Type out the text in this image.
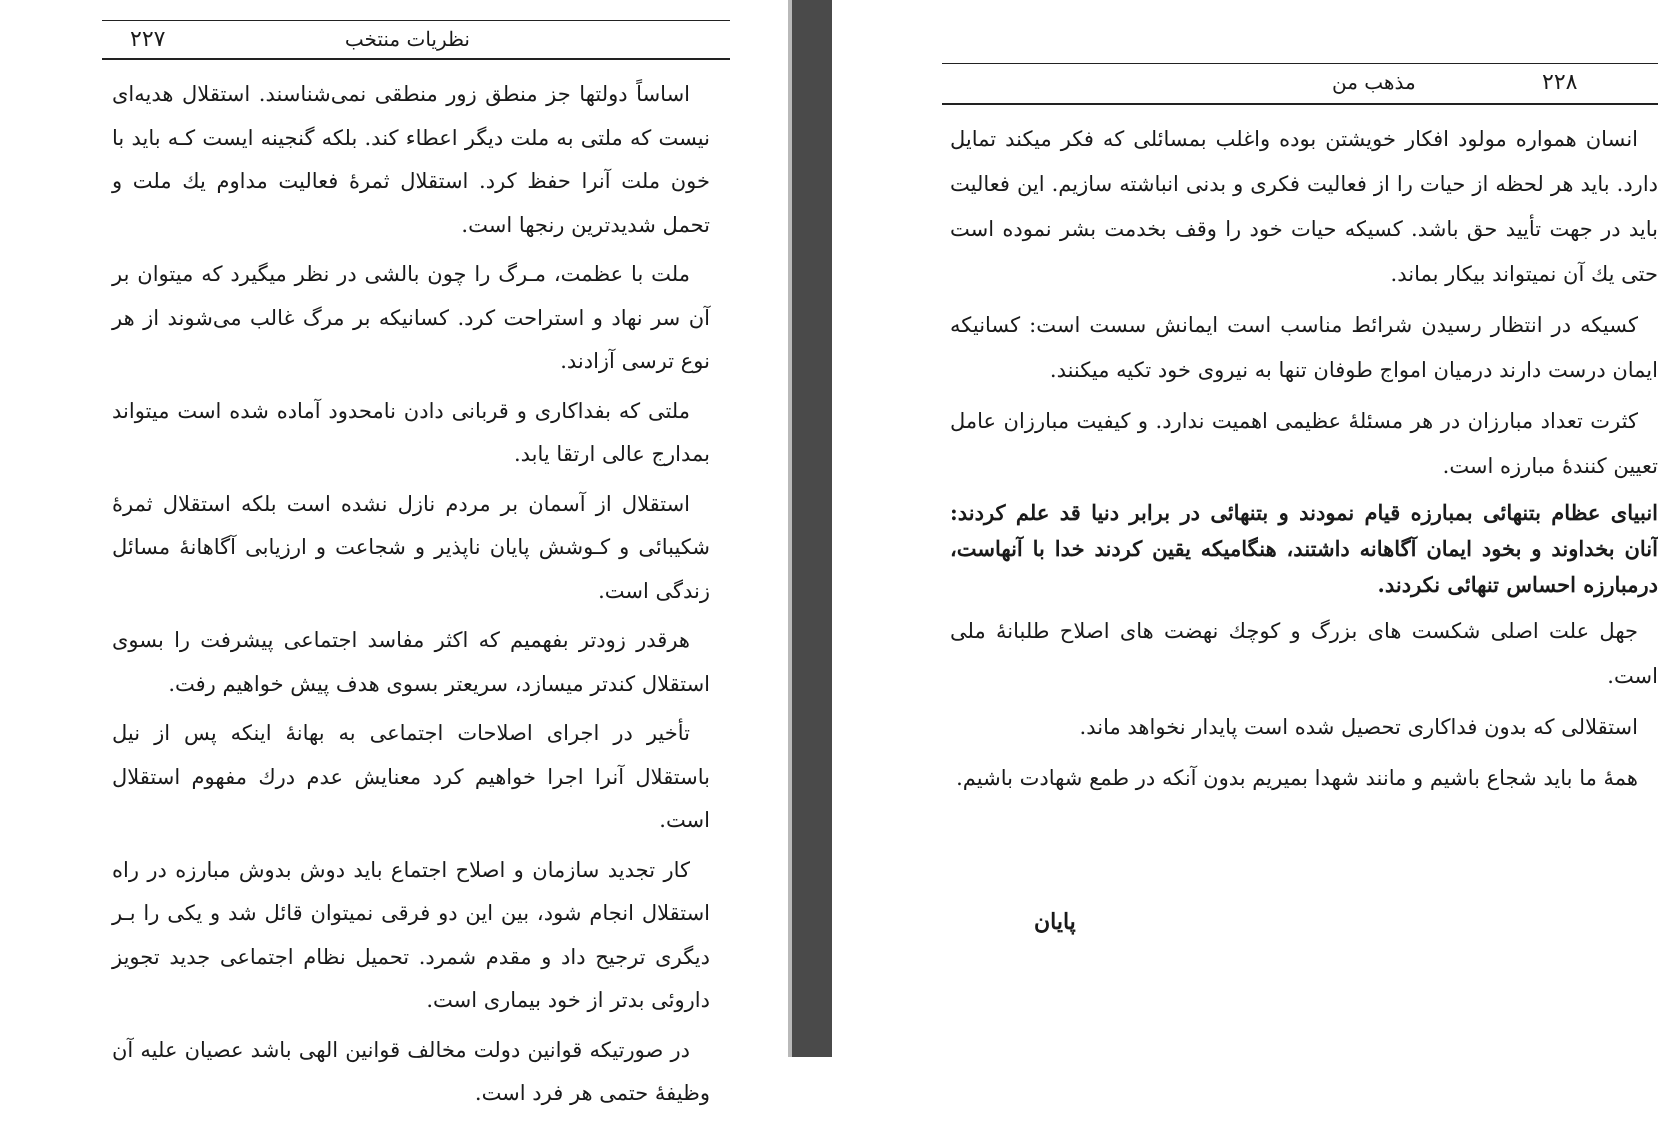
۲۲۷	نظریات منتخب

اساساً دولتها جز منطق زور منطقی نمی‌شناسند. استقلال هدیه‌ای نیست که ملتی به ملت دیگر اعطاء کند. بلکه گنجینه ایست کـه باید با خون ملت آنرا حفظ کرد. استقلال ثمرهٔ فعالیت مداوم يك ملت و تحمل شدیدترین رنجها است.

ملت با عظمت، مـرگ را چون بالشی در نظر میگیرد که میتوان بر آن سر نهاد و استراحت کرد. کسانیکه بر مرگ غالب می‌شوند از هر نوع ترسی آزادند.

ملتی که بفداکاری و قربانی دادن نامحدود آماده شده است میتواند بمدارج عالی ارتقا یابد.

استقلال از آسمان بر مردم نازل نشده است بلکه استقلال ثمرهٔ شکیبائی و کـوشش پایان ناپذیر و شجاعت و ارزیابی آگاهانهٔ مسائل زندگی است.

هرقدر زودتر بفهمیم که اکثر مفاسد اجتماعی پیشرفت را بسوی استقلال کندتر میسازد، سریعتر بسوی هدف پیش خواهیم رفت.

تأخیر در اجرای اصلاحات اجتماعی به بهانهٔ اینکه پس از نیل باستقلال آنرا اجرا خواهیم کرد معنایش عدم درك مفهوم استقلال است.

کار تجدید سازمان و اصلاح اجتماع باید دوش بدوش مبارزه در راه استقلال انجام شود، بین این دو فرقی نمیتوان قائل شد و یکی را بـر دیگری ترجیح داد و مقدم شمرد. تحمیل نظام اجتماعی جدید تجویز داروئی بدتر از خود بیماری است.

در صورتیکه قوانین دولت مخالف قوانین الهی باشد عصیان علیه آن وظیفهٔ حتمی هر فرد است.

مذهب من	۲۲۸

انسان همواره مولود افکار خویشتن بوده واغلب بمسائلی که فکر میکند تمایل دارد. باید هر لحظه از حیات را از فعالیت فکری و بدنی انباشته سازیم. این فعالیت باید در جهت تأیید حق باشد. کسیکه حیات خود را وقف بخدمت بشر نموده است حتی يك آن نمیتواند بیکار بماند.

کسیکه در انتظار رسیدن شرائط مناسب است ایمانش سست است: کسانیکه ایمان درست دارند درمیان امواج طوفان تنها به نیروی خود تکیه میکنند.

کثرت تعداد مبارزان در هر مسئلهٔ عظیمی اهمیت ندارد. و کیفیت مبارزان عامل تعیین کنندهٔ مبارزه است.

انبیای عظام بتنهائی بمبارزه قیام نمودند و بتنهائی در برابر دنیا قد علم کردند: آنان بخداوند و بخود ایمان آگاهانه داشتند، هنگامیکه یقین کردند خدا با آنهاست، درمبارزه احساس تنهائی نکردند.

جهل علت اصلی شکست های بزرگ و کوچك نهضت های اصلاح طلبانهٔ ملی است.

استقلالی که بدون فداکاری تحصیل شده است پایدار نخواهد ماند.

همهٔ ما باید شجاع باشیم و مانند شهدا بمیریم بدون آنکه در طمع شهادت باشیم.

پایان
